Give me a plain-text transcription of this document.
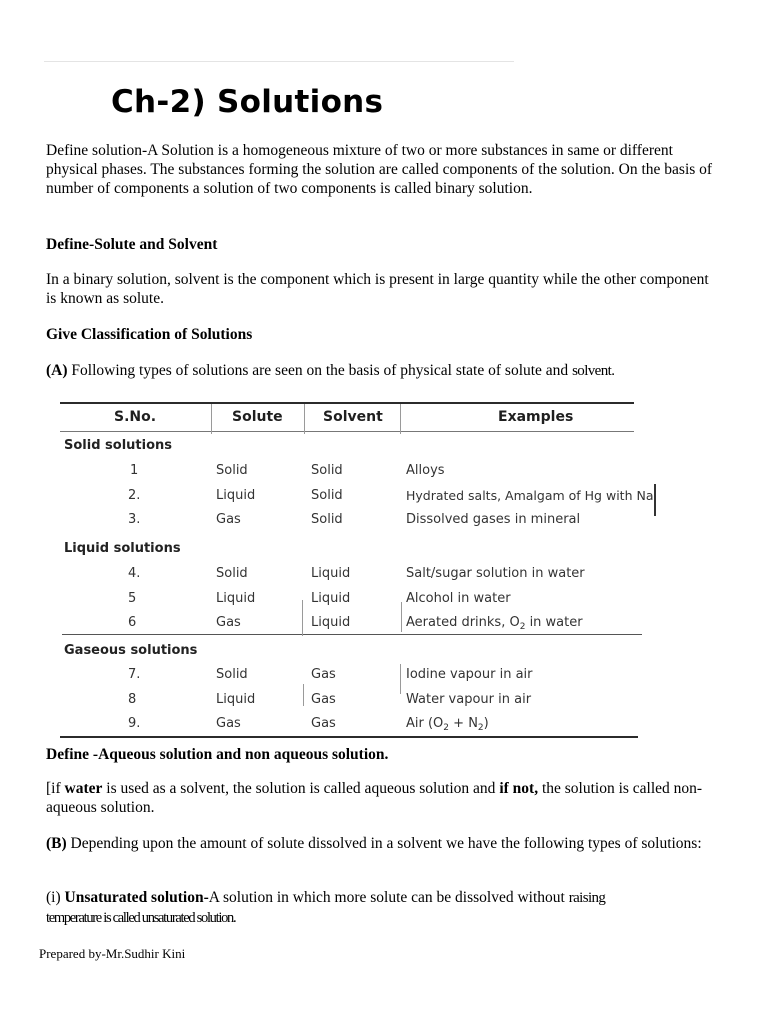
Ch-2) Solutions

Define solution-A Solution is a homogeneous mixture of two or more substances in same or different physical phases. The substances forming the solution are called components of the solution. On the basis of number of components a solution of two components is called binary solution.

Define-Solute and Solvent

In a binary solution, solvent is the component which is present in large quantity while the other component is known as solute.

Give Classification of Solutions

(A) Following types of solutions are seen on the basis of physical state of solute and solvent.

S.No.	Solute	Solvent	Examples
Solid solutions
1	Solid	Solid	Alloys
2.	Liquid	Solid	Hydrated salts, Amalgam of Hg with Na
3.	Gas	Solid	Dissolved gases in mineral
Liquid solutions
4.	Solid	Liquid	Salt/sugar solution in water
5	Liquid	Liquid	Alcohol in water
6	Gas	Liquid	Aerated drinks, $O_2$ in water
Gaseous solutions
7.	Solid	Gas	Iodine vapour in air
8	Liquid	Gas	Water vapour in air
9.	Gas	Gas	Air $(O_2 + N_2)$

Define -Aqueous solution and non aqueous solution.

[if water is used as a solvent, the solution is called aqueous solution and if not, the solution is called non-aqueous solution.

(B) Depending upon the amount of solute dissolved in a solvent we have the following types of solutions:

(i) Unsaturated solution-A solution in which more solute can be dissolved without raising
temperature is called unsaturated solution.

Prepared by-Mr.Sudhir Kini
